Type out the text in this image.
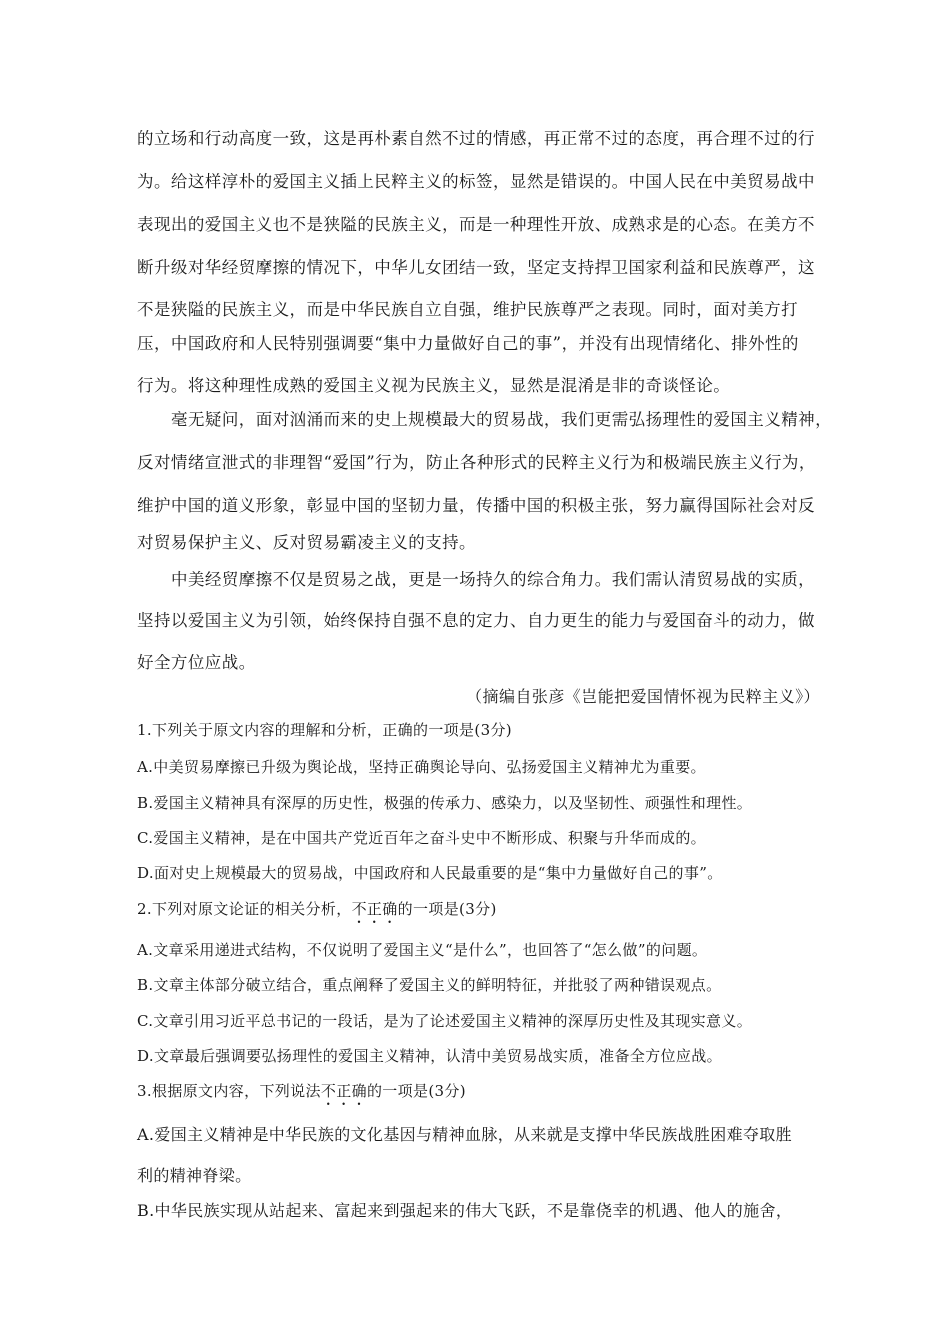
的立场和行动高度一致，这是再朴素自然不过的情感，再正常不过的态度，再合理不过的行
为。给这样淳朴的爱国主义插上民粹主义的标签，显然是错误的。中国人民在中美贸易战中
表现出的爱国主义也不是狭隘的民族主义，而是一种理性开放、成熟求是的心态。在美方不
断升级对华经贸摩擦的情况下，中华儿女团结一致，坚定支持捍卫国家利益和民族尊严，这
不是狭隘的民族主义，而是中华民族自立自强，维护民族尊严之表现。同时，面对美方打
压，中国政府和人民特别强调要“集中力量做好自己的事”，并没有出现情绪化、排外性的
行为。将这种理性成熟的爱国主义视为民族主义，显然是混淆是非的奇谈怪论。
毫无疑问，面对汹涌而来的史上规模最大的贸易战，我们更需弘扬理性的爱国主义精神，
反对情绪宣泄式的非理智“爱国”行为，防止各种形式的民粹主义行为和极端民族主义行为，
维护中国的道义形象，彰显中国的坚韧力量，传播中国的积极主张，努力赢得国际社会对反
对贸易保护主义、反对贸易霸凌主义的支持。
中美经贸摩擦不仅是贸易之战，更是一场持久的综合角力。我们需认清贸易战的实质，
坚持以爱国主义为引领，始终保持自强不息的定力、自力更生的能力与爱国奋斗的动力，做
好全方位应战。
（摘编自张彦《岂能把爱国情怀视为民粹主义》）
1.下列关于原文内容的理解和分析，正确的一项是(3分)
A.中美贸易摩擦已升级为舆论战，坚持正确舆论导向、弘扬爱国主义精神尤为重要。
B.爱国主义精神具有深厚的历史性，极强的传承力、感染力，以及坚韧性、顽强性和理性。
C.爱国主义精神，是在中国共产党近百年之奋斗史中不断形成、积聚与升华而成的。
D.面对史上规模最大的贸易战，中国政府和人民最重要的是“集中力量做好自己的事”。
2.下列对原文论证的相关分析，不正确的一项是(3分)
A.文章采用递进式结构，不仅说明了爱国主义“是什么”，也回答了“怎么做”的问题。
B.文章主体部分破立结合，重点阐释了爱国主义的鲜明特征，并批驳了两种错误观点。
C.文章引用习近平总书记的一段话，是为了论述爱国主义精神的深厚历史性及其现实意义。
D.文章最后强调要弘扬理性的爱国主义精神，认清中美贸易战实质，准备全方位应战。
3.根据原文内容，下列说法不正确的一项是(3分)
A.爱国主义精神是中华民族的文化基因与精神血脉，从来就是支撑中华民族战胜困难夺取胜
利的精神脊梁。
B.中华民族实现从站起来、富起来到强起来的伟大飞跃，不是靠侥幸的机遇、他人的施舍，
